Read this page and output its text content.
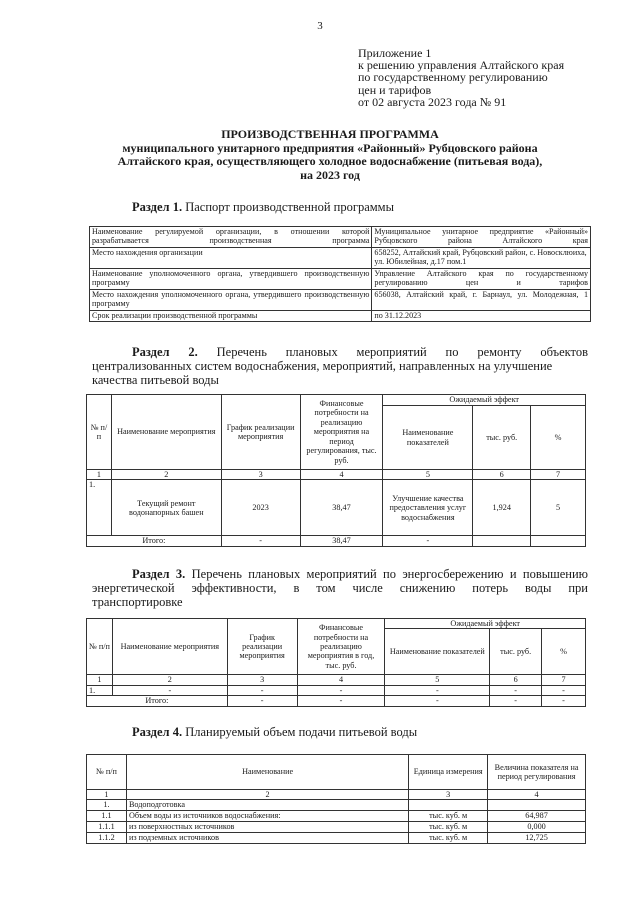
3
Приложение 1
к решению управления Алтайского края
по государственному регулированию
цен и тарифов
от 02 августа 2023 года № 91
ПРОИЗВОДСТВЕННАЯ ПРОГРАММА
муниципального унитарного предприятия «Районный» Рубцовского района
Алтайского края, осуществляющего холодное водоснабжение (питьевая вода),
на 2023 год
Раздел 1. Паспорт производственной программы
Наименование регулируемой организации, в отношении которой разрабатывается производственная программа	Муниципальное унитарное предприятие «Районный» Рубцовского района Алтайского края
Место нахождения организации	658252, Алтайский край, Рубцовский район, с. Новосклюиха, ул. Юбилейная, д.17 пом.1
Наименование уполномоченного органа, утвердившего производственную программу	Управление Алтайского края по государственному регулированию цен и тарифов
Место нахождения уполномоченного органа, утвердившего производственную программу	656038, Алтайский край, г. Барнаул, ул. Молодежная, 1
Срок реализации производственной программы	по 31.12.2023
Раздел 2. Перечень плановых мероприятий по ремонту объектов
централизованных систем водоснабжения, мероприятий, направленных на улучшение качества питьевой воды
№ п/п	Наименование мероприятия	График реализации мероприятия	Финансовые потребности на реализацию мероприятия на период регулирования, тыс. руб.	Ожидаемый эффект		
				Наименование показателей	тыс. руб.	%
1	2	3	4	5	6	7
1.	Текущий ремонт водонапорных башен	2023	38,47	Улучшение качества предоставления услуг водоснабжения	1,924	5
Итого:		-	38,47	-		
Раздел 3. Перечень плановых мероприятий по энергосбережению и повышению
энергетической эффективности, в том числе снижению потерь воды при
транспортировке
№ п/п	Наименование мероприятия	График реализации мероприятия	Финансовые потребности на реализацию мероприятия в год, тыс. руб.	Ожидаемый эффект		
				Наименование показателей	тыс. руб.	%
1	2	3	4	5	6	7
1.	-	-	-	-	-	-
Итого:		-	-	-	-	-
Раздел 4. Планируемый объем подачи питьевой воды
№ п/п	Наименование	Единица измерения	Величина показателя на период регулирования
1	2	3	4
1.	Водоподготовка		
1.1	Объем воды из источников водоснабжения:	тыс. куб. м	64,987
1.1.1	из поверхностных источников	тыс. куб. м	0,000
1.1.2	из подземных источников	тыс. куб. м	12,725
